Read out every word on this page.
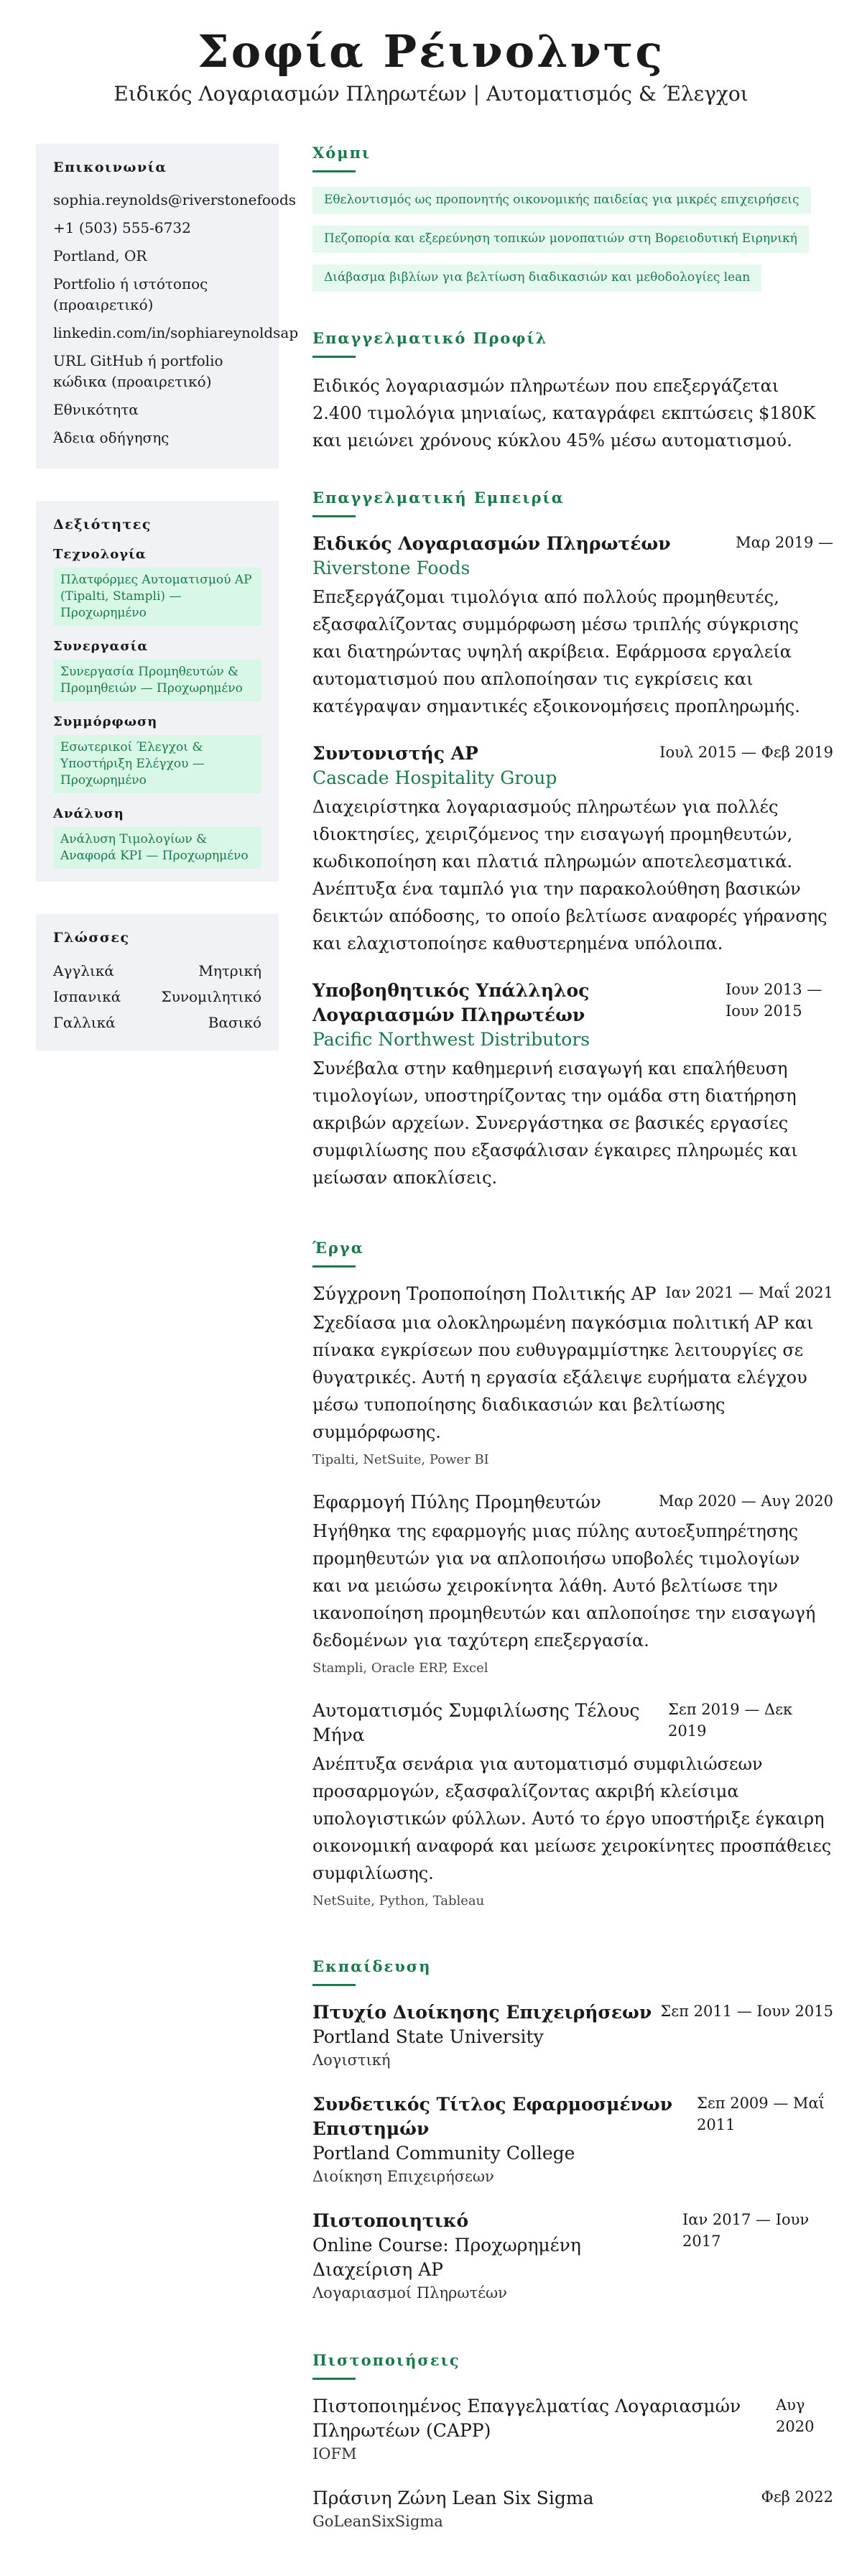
Σοφία Ρέινολντς
Ειδικός Λογαριασμών Πληρωτέων | Αυτοματισμός & Έλεγχοι
Επικοινωνία
sophia.reynolds@riverstonefoods
+1 (503) 555-6732
Portland, OR
Portfolio ή ιστότοπος (προαιρετικό)
linkedin.com/in/sophiareynoldsap
URL GitHub ή portfolio κώδικα (προαιρετικό)
Εθνικότητα
Άδεια οδήγησης
Δεξιότητες
Τεχνολογία
Πλατφόρμες Αυτοματισμού AP (Tipalti, Stampli) — Προχωρημένο
Συνεργασία
Συνεργασία Προμηθευτών & Προμηθειών — Προχωρημένο
Συμμόρφωση
Εσωτερικοί Έλεγχοι & Υποστήριξη Ελέγχου — Προχωρημένο
Ανάλυση
Ανάλυση Τιμολογίων & Αναφορά KPI — Προχωρημένο
Γλώσσες
Αγγλικά	Μητρική
Ισπανικά	Συνομιλητικό
Γαλλικά	Βασικό
Χόμπι
Εθελοντισμός ως προπονητής οικονομικής παιδείας για μικρές επιχειρήσεις Πεζοπορία και εξερεύνηση τοπικών μονοπατιών στη Βορειοδυτική Ειρηνική Διάβασμα βιβλίων για βελτίωση διαδικασιών και μεθοδολογίες lean
Επαγγελματικό Προφίλ
Ειδικός λογαριασμών πληρωτέων που επεξεργάζεται 2.400 τιμολόγια μηνιαίως, καταγράφει εκπτώσεις $180K και μειώνει χρόνους κύκλου 45% μέσω αυτοματισμού.
Επαγγελματική Εμπειρία
Ειδικός Λογαριασμών Πληρωτέων	Μαρ 2019 —
Riverstone Foods
Επεξεργάζομαι τιμολόγια από πολλούς προμηθευτές, εξασφαλίζοντας συμμόρφωση μέσω τριπλής σύγκρισης και διατηρώντας υψηλή ακρίβεια. Εφάρμοσα εργαλεία αυτοματισμού που απλοποίησαν τις εγκρίσεις και κατέγραψαν σημαντικές εξοικονομήσεις προπληρωμής.
Συντονιστής AP	Ιουλ 2015 — Φεβ 2019
Cascade Hospitality Group
Διαχειρίστηκα λογαριασμούς πληρωτέων για πολλές ιδιοκτησίες, χειριζόμενος την εισαγωγή προμηθευτών, κωδικοποίηση και πλατιά πληρωμών αποτελεσματικά. Ανέπτυξα ένα ταμπλό για την παρακολούθηση βασικών δεικτών απόδοσης, το οποίο βελτίωσε αναφορές γήρανσης και ελαχιστοποίησε καθυστερημένα υπόλοιπα.
Υποβοηθητικός Υπάλληλος Λογαριασμών Πληρωτέων
Ιουν 2013 — Ιουν 2015
Pacific Northwest Distributors
Συνέβαλα στην καθημερινή εισαγωγή και επαλήθευση τιμολογίων, υποστηρίζοντας την ομάδα στη διατήρηση ακριβών αρχείων. Συνεργάστηκα σε βασικές εργασίες συμφιλίωσης που εξασφάλισαν έγκαιρες πληρωμές και μείωσαν αποκλίσεις.
Έργα
Σύγχρονη Τροποποίηση Πολιτικής AP Ιαν 2021 — Μαΐ 2021
Σχεδίασα μια ολοκληρωμένη παγκόσμια πολιτική AP και πίνακα εγκρίσεων που ευθυγραμμίστηκε λειτουργίες σε θυγατρικές. Αυτή η εργασία εξάλειψε ευρήματα ελέγχου μέσω τυποποίησης διαδικασιών και βελτίωσης συμμόρφωσης.
Tipalti, NetSuite, Power BI
Εφαρμογή Πύλης Προμηθευτών	Μαρ 2020 — Αυγ 2020
Ηγήθηκα της εφαρμογής μιας πύλης αυτοεξυπηρέτησης προμηθευτών για να απλοποιήσω υποβολές τιμολογίων και να μειώσω χειροκίνητα λάθη. Αυτό βελτίωσε την ικανοποίηση προμηθευτών και απλοποίησε την εισαγωγή δεδομένων για ταχύτερη επεξεργασία.
Stampli, Oracle ERP, Excel
Αυτοματισμός Συμφιλίωσης Τέλους Μήνα
Σεπ 2019 — Δεκ 2019
Ανέπτυξα σενάρια για αυτοματισμό συμφιλιώσεων προσαρμογών, εξασφαλίζοντας ακριβή κλείσιμα υπολογιστικών φύλλων. Αυτό το έργο υποστήριξε έγκαιρη οικονομική αναφορά και μείωσε χειροκίνητες προσπάθειες συμφιλίωσης.
NetSuite, Python, Tableau
Εκπαίδευση
Πτυχίο Διοίκησης Επιχειρήσεων Σεπ 2011 — Ιουν 2015
Portland State University
Λογιστική
Συνδετικός Τίτλος Εφαρμοσμένων Επιστημών
Σεπ 2009 — Μαΐ 2011
Portland Community College
Διοίκηση Επιχειρήσεων
Πιστοποιητικό
Online Course: Προχωρημένη Διαχείριση AP
Ιαν 2017 — Ιουν 2017
Λογαριασμοί Πληρωτέων
Πιστοποιήσεις
Πιστοποιημένος Επαγγελματίας Λογαριασμών Πληρωτέων (CAPP)
Αυγ 2020
IOFM
Πράσινη Ζώνη Lean Six Sigma	Φεβ 2022
GoLeanSixSigma
